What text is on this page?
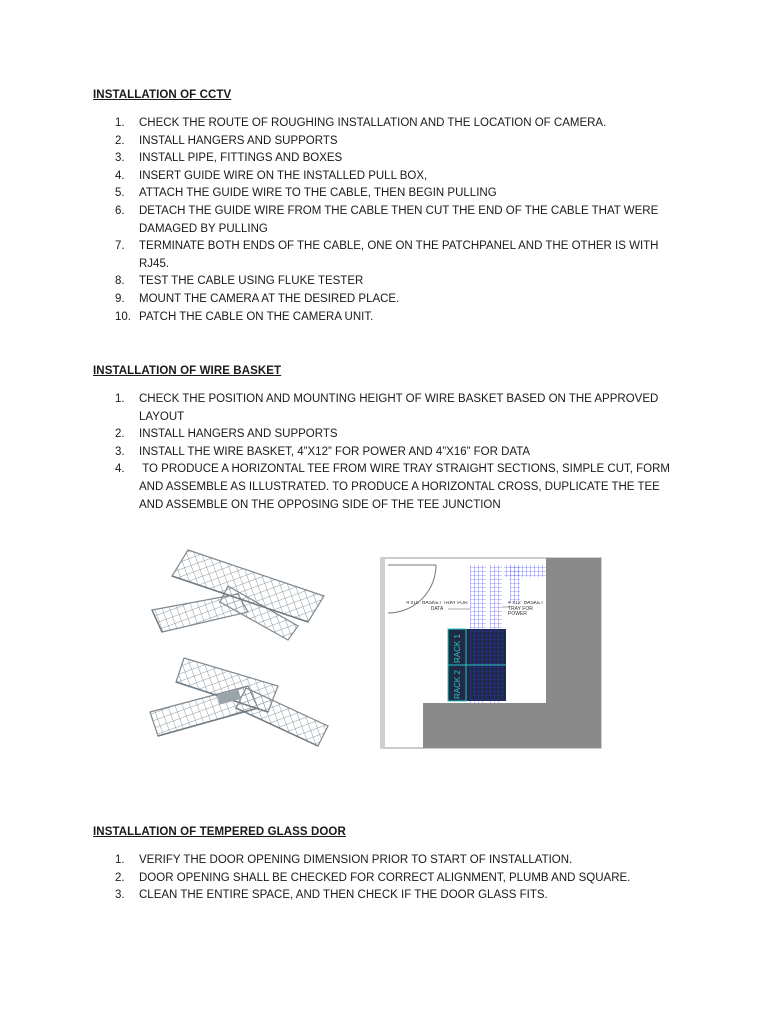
INSTALLATION OF CCTV
1.	CHECK THE ROUTE OF ROUGHING INSTALLATION AND THE LOCATION OF CAMERA.
2.	INSTALL HANGERS AND SUPPORTS
3.	INSTALL PIPE, FITTINGS AND BOXES
4.	INSERT GUIDE WIRE ON THE INSTALLED PULL BOX,
5.	ATTACH THE GUIDE WIRE TO THE CABLE, THEN BEGIN PULLING
6.	DETACH THE GUIDE WIRE FROM THE CABLE THEN CUT THE END OF THE CABLE THAT WERE DAMAGED BY PULLING
7.	TERMINATE BOTH ENDS OF THE CABLE, ONE ON THE PATCHPANEL AND THE OTHER IS WITH RJ45.
8.	TEST THE CABLE USING FLUKE TESTER
9.	MOUNT THE CAMERA AT THE DESIRED PLACE.
10. PATCH THE CABLE ON THE CAMERA UNIT.
INSTALLATION OF WIRE BASKET
1.	CHECK THE POSITION AND MOUNTING HEIGHT OF WIRE BASKET BASED ON THE APPROVED LAYOUT
2.	INSTALL HANGERS AND SUPPORTS
3.	INSTALL THE WIRE BASKET, 4”X12” FOR POWER AND 4”X16” FOR DATA
4.	TO PRODUCE A HORIZONTAL TEE FROM WIRE TRAY STRAIGHT SECTIONS, SIMPLE CUT, FORM AND ASSEMBLE AS ILLUSTRATED. TO PRODUCE A HORIZONTAL CROSS, DUPLICATE THE TEE AND ASSEMBLE ON THE OPPOSING SIDE OF THE TEE JUNCTION
RACK 1
RACK 2
4"x16" BASKET TRAY FOR DATA
4"x12" BASKET TRAY FOR POWER
INSTALLATION OF TEMPERED GLASS DOOR
1.	VERIFY THE DOOR OPENING DIMENSION PRIOR TO START OF INSTALLATION.
2.	DOOR OPENING SHALL BE CHECKED FOR CORRECT ALIGNMENT, PLUMB AND SQUARE.
3.	CLEAN THE ENTIRE SPACE, AND THEN CHECK IF THE DOOR GLASS FITS.
